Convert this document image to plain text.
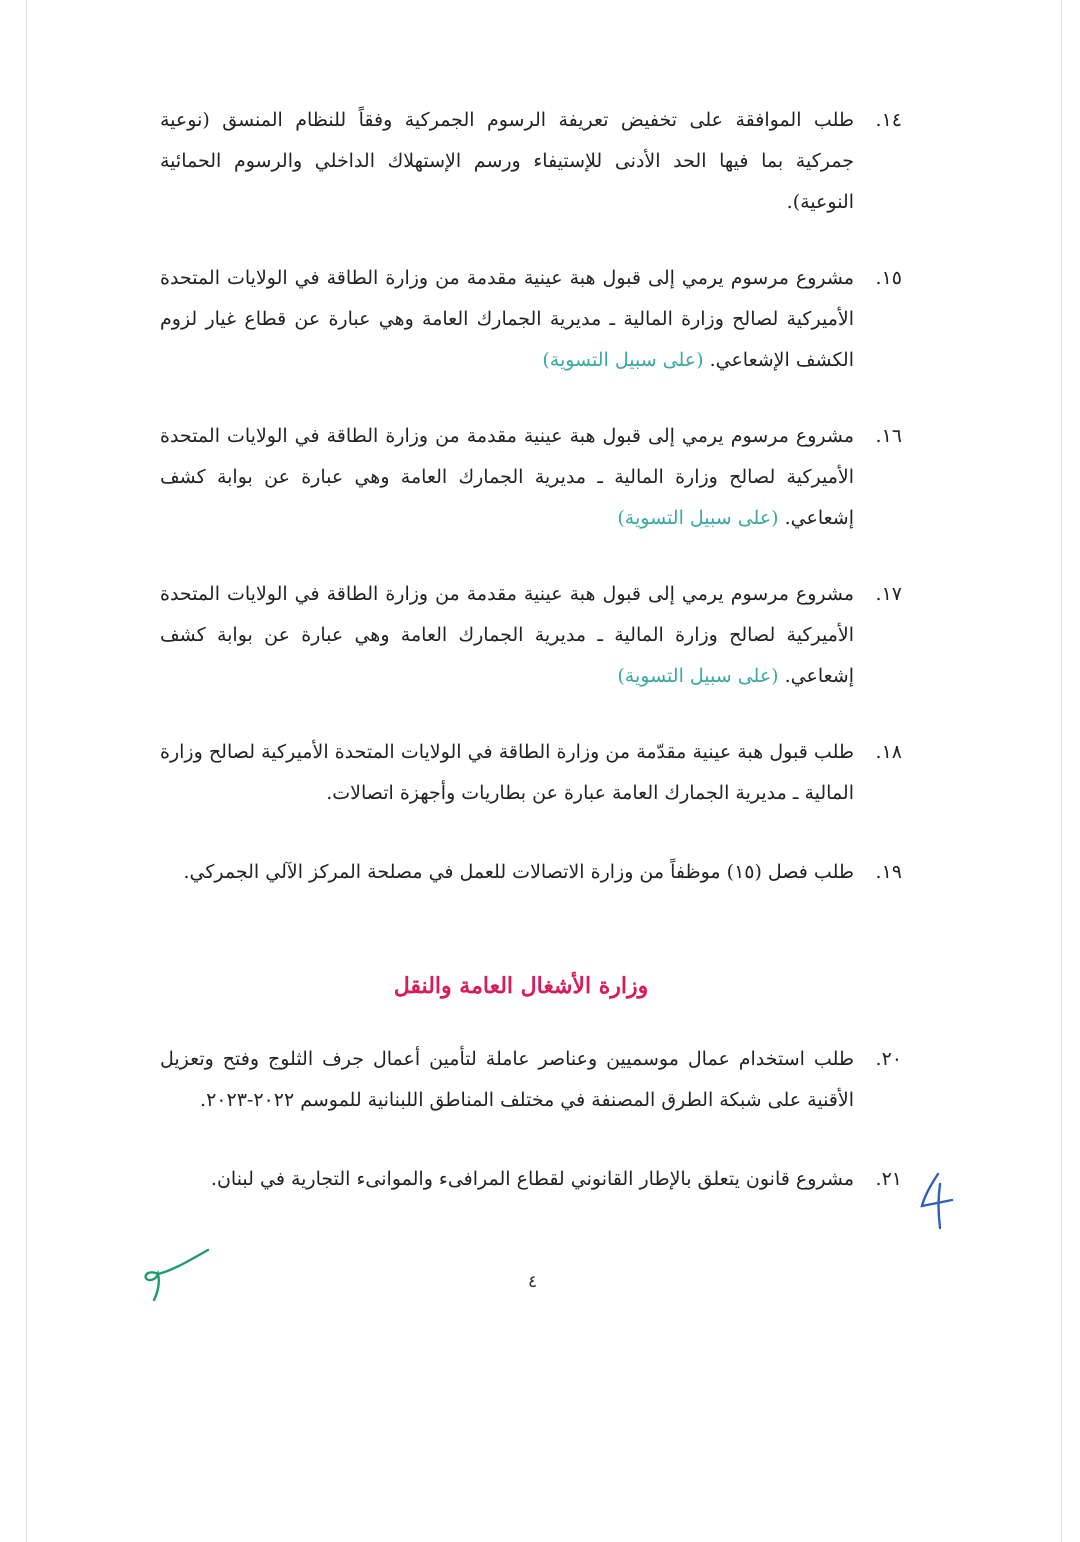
١٤.
طلب الموافقة على تخفيض تعريفة الرسوم الجمركية وفقاً للنظام المنسق (نوعية جمركية بما فيها الحد الأدنى للإستيفاء ورسم الإستهلاك الداخلي والرسوم الحمائية النوعية).
١٥.
مشروع مرسوم يرمي إلى قبول هبة عينية مقدمة من وزارة الطاقة في الولايات المتحدة الأميركية لصالح وزارة المالية ـ مديرية الجمارك العامة وهي عبارة عن قطاع غيار لزوم الكشف الإشعاعي. (على سبيل التسوية)
١٦.
مشروع مرسوم يرمي إلى قبول هبة عينية مقدمة من وزارة الطاقة في الولايات المتحدة الأميركية لصالح وزارة المالية ـ مديرية الجمارك العامة وهي عبارة عن بوابة كشف إشعاعي. (على سبيل التسوية)
١٧.
مشروع مرسوم يرمي إلى قبول هبة عينية مقدمة من وزارة الطاقة في الولايات المتحدة الأميركية لصالح وزارة المالية ـ مديرية الجمارك العامة وهي عبارة عن بوابة كشف إشعاعي. (على سبيل التسوية)
١٨.
طلب قبول هبة عينية مقدّمة من وزارة الطاقة في الولايات المتحدة الأميركية لصالح وزارة المالية ـ مديرية الجمارك العامة عبارة عن بطاريات وأجهزة اتصالات.
١٩.
طلب فصل (١٥) موظفاً من وزارة الاتصالات للعمل في مصلحة المركز الآلي الجمركي.
وزارة الأشغال العامة والنقل
٢٠.
طلب استخدام عمال موسميين وعناصر عاملة لتأمين أعمال جرف الثلوج وفتح وتعزيل الأقنية على شبكة الطرق المصنفة في مختلف المناطق اللبنانية للموسم ٢٠٢٢-٢٠٢٣.
٢١.
مشروع قانون يتعلق بالإطار القانوني لقطاع المرافىء والموانىء التجارية في لبنان.
٤
